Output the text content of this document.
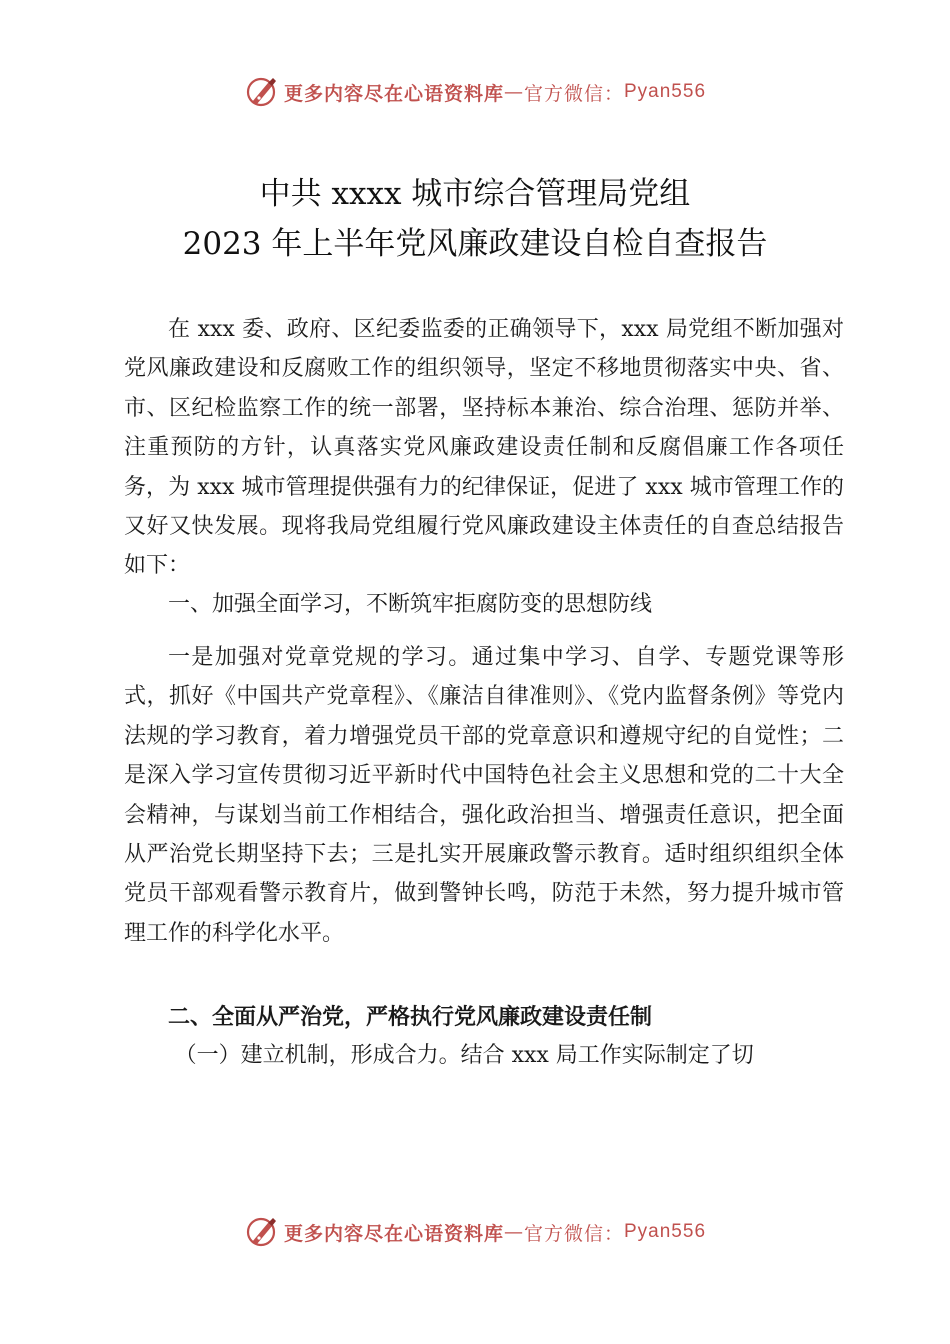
更多内容尽在心语资料库 — 官方微信： Pyan556
中共 xxxx 城市综合管理局党组
2023 年上半年党风廉政建设自检自查报告

在 xxx 委、政府、区纪委监委的正确领导下，xxx 局党组不断加强对党风廉政建设和反腐败工作的组织领导，坚定不移地贯彻落实中央、省、市、区纪检监察工作的统一部署，坚持标本兼治、综合治理、惩防并举、注重预防的方针，认真落实党风廉政建设责任制和反腐倡廉工作各项任务，为 xxx 城市管理提供强有力的纪律保证，促进了 xxx 城市管理工作的又好又快发展。现将我局党组履行党风廉政建设主体责任的自查总结报告如下：

一、加强全面学习，不断筑牢拒腐防变的思想防线

一是加强对党章党规的学习。通过集中学习、自学、专题党课等形式，抓好《中国共产党章程》、《廉洁自律准则》、《党内监督条例》等党内法规的学习教育，着力增强党员干部的党章意识和遵规守纪的自觉性；二是深入学习宣传贯彻习近平新时代中国特色社会主义思想和党的二十大全会精神，与谋划当前工作相结合，强化政治担当、增强责任意识，把全面从严治党长期坚持下去；三是扎实开展廉政警示教育。适时组织组织全体党员干部观看警示教育片，做到警钟长鸣，防范于未然，努力提升城市管理工作的科学化水平。

二、全面从严治党，严格执行党风廉政建设责任制

（一）建立机制，形成合力。结合 xxx 局工作实际制定了切

更多内容尽在心语资料库 — 官方微信： Pyan556
